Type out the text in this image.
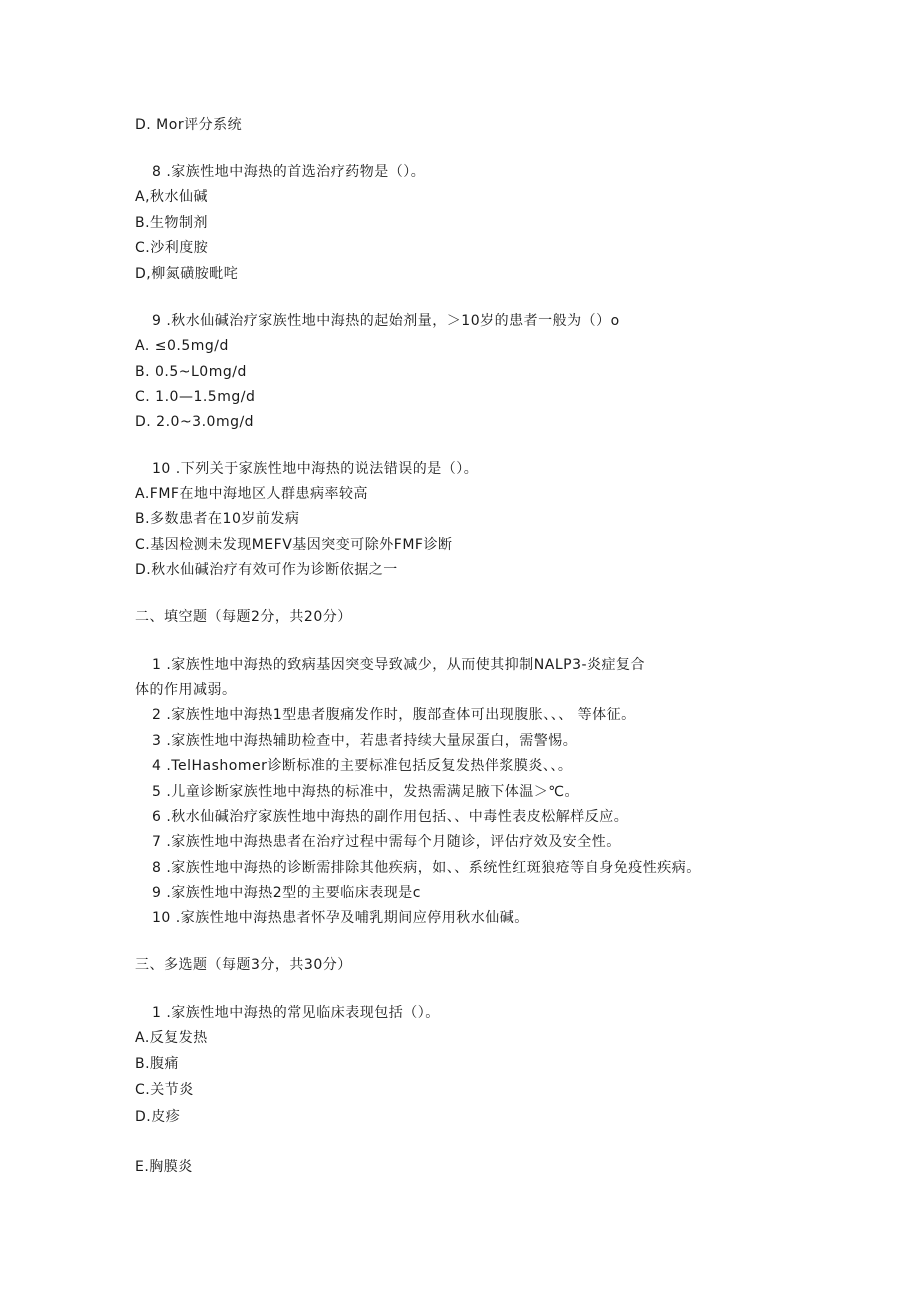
D. Mor评分系统
8 .家族性地中海热的首选治疗药物是（）。
A,秋水仙碱
B.生物制剂
C.沙利度胺
D,柳氮磺胺毗咤
9 .秋水仙碱治疗家族性地中海热的起始剂量，＞10岁的患者一般为（）o
A. ≤0.5mg∕d
B. 0.5~L0mg∕d
C. 1.0—1.5mg∕d
D. 2.0~3.0mg∕d
10 .下列关于家族性地中海热的说法错误的是（）。
A.FMF在地中海地区人群患病率较高
B.多数患者在10岁前发病
C.基因检测未发现MEFV基因突变可除外FMF诊断
D.秋水仙碱治疗有效可作为诊断依据之一
二、填空题（每题2分，共20分）
1 .家族性地中海热的致病基因突变导致减少，从而使其抑制NALP3-炎症复合
体的作用减弱。
2 .家族性地中海热1型患者腹痛发作时，腹部查体可出现腹胀、、、 等体征。
3 .家族性地中海热辅助检查中，若患者持续大量尿蛋白，需警惕。
4 .TelHashomer诊断标准的主要标准包括反复发热伴浆膜炎、、。
5 .儿童诊断家族性地中海热的标准中，发热需满足腋下体温＞℃。
6 .秋水仙碱治疗家族性地中海热的副作用包括、、中毒性表皮松解样反应。
7 .家族性地中海热患者在治疗过程中需每个月随诊，评估疗效及安全性。
8 .家族性地中海热的诊断需排除其他疾病，如、、系统性红斑狼疮等自身免疫性疾病。
9 .家族性地中海热2型的主要临床表现是c
10 .家族性地中海热患者怀孕及哺乳期间应停用秋水仙碱。
三、多选题（每题3分，共30分）
1 .家族性地中海热的常见临床表现包括（）。
A.反复发热
B.腹痛
C.关节炎
D.皮疹
E.胸膜炎
